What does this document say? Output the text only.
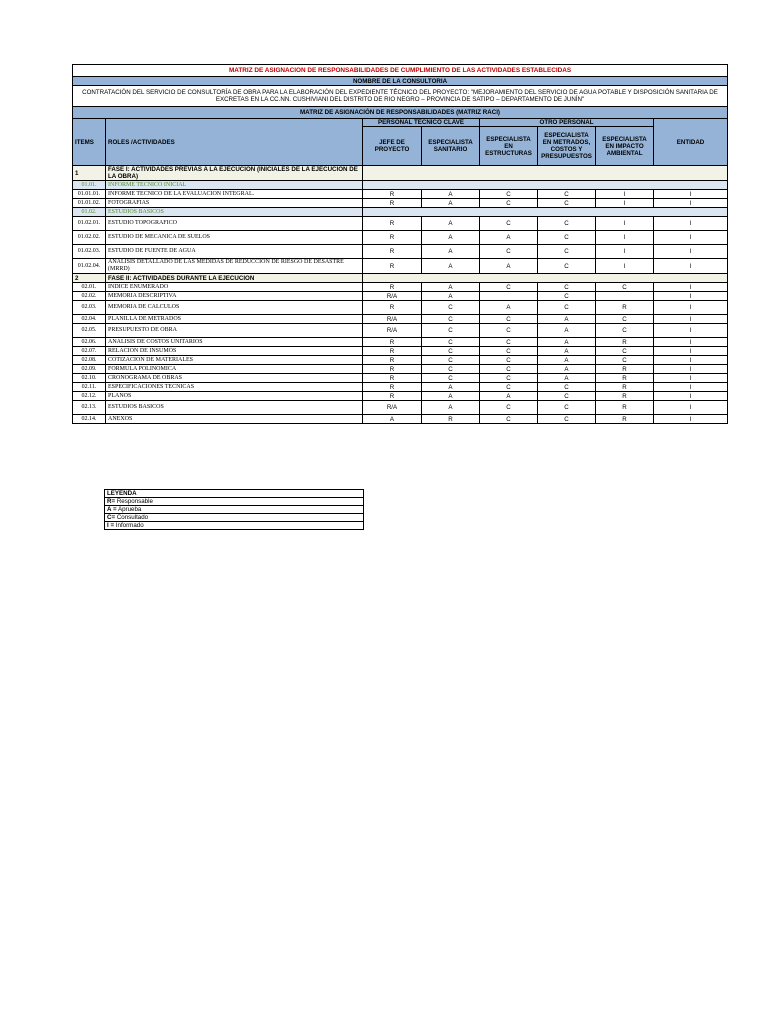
MATRIZ DE ASIGNACION DE RESPONSABILIDADES DE CUMPLIMIENTO DE LAS ACTIVIDADES ESTABLECIDAS							
NOMBRE DE LA CONSULTORIA							
CONTRATACIÓN DEL SERVICIO DE CONSULTORÍA DE OBRA PARA LA ELABORACIÓN DEL EXPEDIENTE TÉCNICO DEL PROYECTO: "MEJORAMIENTO DEL SERVICIO DE AGUA POTABLE Y DISPOSICIÓN SANITARIA DE EXCRETAS EN LA CC.NN. CUSHIVIANI DEL DISTRITO DE RIO NEGRO – PROVINCIA DE SATIPO – DEPARTAMENTO DE JUNÍN"							
MATRIZ DE ASIGNACIÓN DE RESPONSABILIDADES (MATRIZ RACI)							
ITEMS	ROLES /ACTIVIDADES	PERSONAL TECNICO CLAVE		OTRO PERSONAL			ENTIDAD
		JEFE DE PROYECTO	ESPECIALISTA SANITARIO	ESPECIALISTA EN ESTRUCTURAS	ESPECIALISTA EN METRADOS, COSTOS Y PRESUPUESTOS	ESPECIALISTA EN IMPACTO AMBIENTAL	
1	FASE I: ACTIVIDADES PREVIAS A LA EJECUCIÓN (INICIALES DE LA EJECUCION DE LA OBRA)						
01.01.	INFORME TECNICO INICIAL						
01.01.01.	INFORME TECNICO DE LA EVALUACION INTEGRAL.	R	A	C	C	I	I
01.01.02.	FOTOGRAFIAS	R	A	C	C	I	I
01.02.	ESTUDIOS BASICOS						
01.02.01.	ESTUDIO TOPOGRAFICO	R	A	C	C	I	I
01.02.02.	ESTUDIO DE MECANICA DE SUELOS	R	A	A	C	I	I
01.02.03.	ESTUDIO DE FUENTE DE AGUA	R	A	C	C	I	I
01.02.04.	ANALISIS DETALLADO DE LAS MEDIDAS DE REDUCCION DE RIESGO DE DESASTRE (MRRD)	R	A	A	C	I	I
2	FASE II: ACTIVIDADES DURANTE LA EJECUCION						
02.01.	INDICE ENUMERADO	R	A	C	C	C	I
02.02.	MEMORIA DESCRIPTIVA	R/A	A		C		I
02.03.	MEMORIA DE CALCULOS	R	C	A	C	R	I
02.04.	PLANILLA DE METRADOS	R/A	C	C	A	C	I
02.05.	PRESUPUESTO DE OBRA	R/A	C	C	A	C	I
02.06.	ANALISIS DE COSTOS UNITARIOS	R	C	C	A	R	I
02.07.	RELACION DE INSUMOS	R	C	C	A	C	I
02.08.	COTIZACION DE MATERIALES	R	C	C	A	C	I
02.09.	FORMULA POLINOMICA	R	C	C	A	R	I
02.10.	CRONOGRAMA DE OBRAS	R	C	C	A	R	I
02.11.	ESPECIFICACIONES TECNICAS	R	A	C	C	R	I
02.12.	PLANOS	R	A	A	C	R	I
02.13.	ESTUDIOS BASICOS	R/A	A	C	C	R	I
02.14.	ANEXOS	A	R	C	C	R	I
LEYENDA
R= Responsable
A = Aprueba
C= Consultado
I = Informado
